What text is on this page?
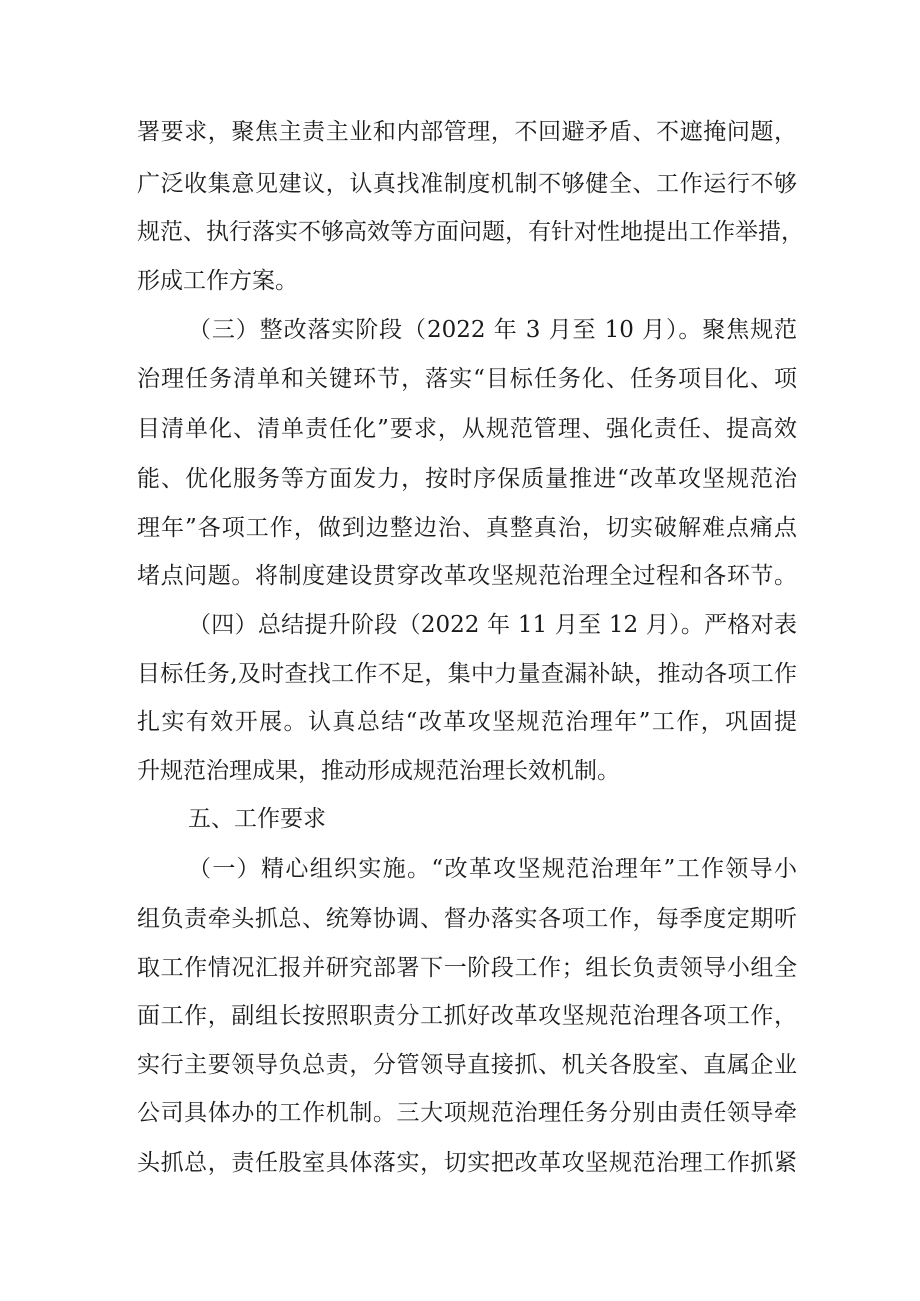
署要求，聚焦主责主业和内部管理，不回避矛盾、不遮掩问题，
广泛收集意见建议，认真找准制度机制不够健全、工作运行不够
规范、执行落实不够高效等方面问题，有针对性地提出工作举措，
形成工作方案。
（三）整改落实阶段（2022 年 3 月至 10 月）。聚焦规范
治理任务清单和关键环节，落实“目标任务化、任务项目化、项
目清单化、清单责任化”要求，从规范管理、强化责任、提高效
能、优化服务等方面发力，按时序保质量推进“改革攻坚规范治
理年”各项工作，做到边整边治、真整真治，切实破解难点痛点
堵点问题。将制度建设贯穿改革攻坚规范治理全过程和各环节。
（四）总结提升阶段（2022 年 11 月至 12 月）。严格对表
目标任务,及时查找工作不足，集中力量查漏补缺，推动各项工作
扎实有效开展。认真总结“改革攻坚规范治理年”工作，巩固提
升规范治理成果，推动形成规范治理长效机制。
五、工作要求
（一）精心组织实施。“改革攻坚规范治理年”工作领导小
组负责牵头抓总、统筹协调、督办落实各项工作，每季度定期听
取工作情况汇报并研究部署下一阶段工作；组长负责领导小组全
面工作，副组长按照职责分工抓好改革攻坚规范治理各项工作，
实行主要领导负总责，分管领导直接抓、机关各股室、直属企业
公司具体办的工作机制。三大项规范治理任务分别由责任领导牵
头抓总，责任股室具体落实，切实把改革攻坚规范治理工作抓紧
